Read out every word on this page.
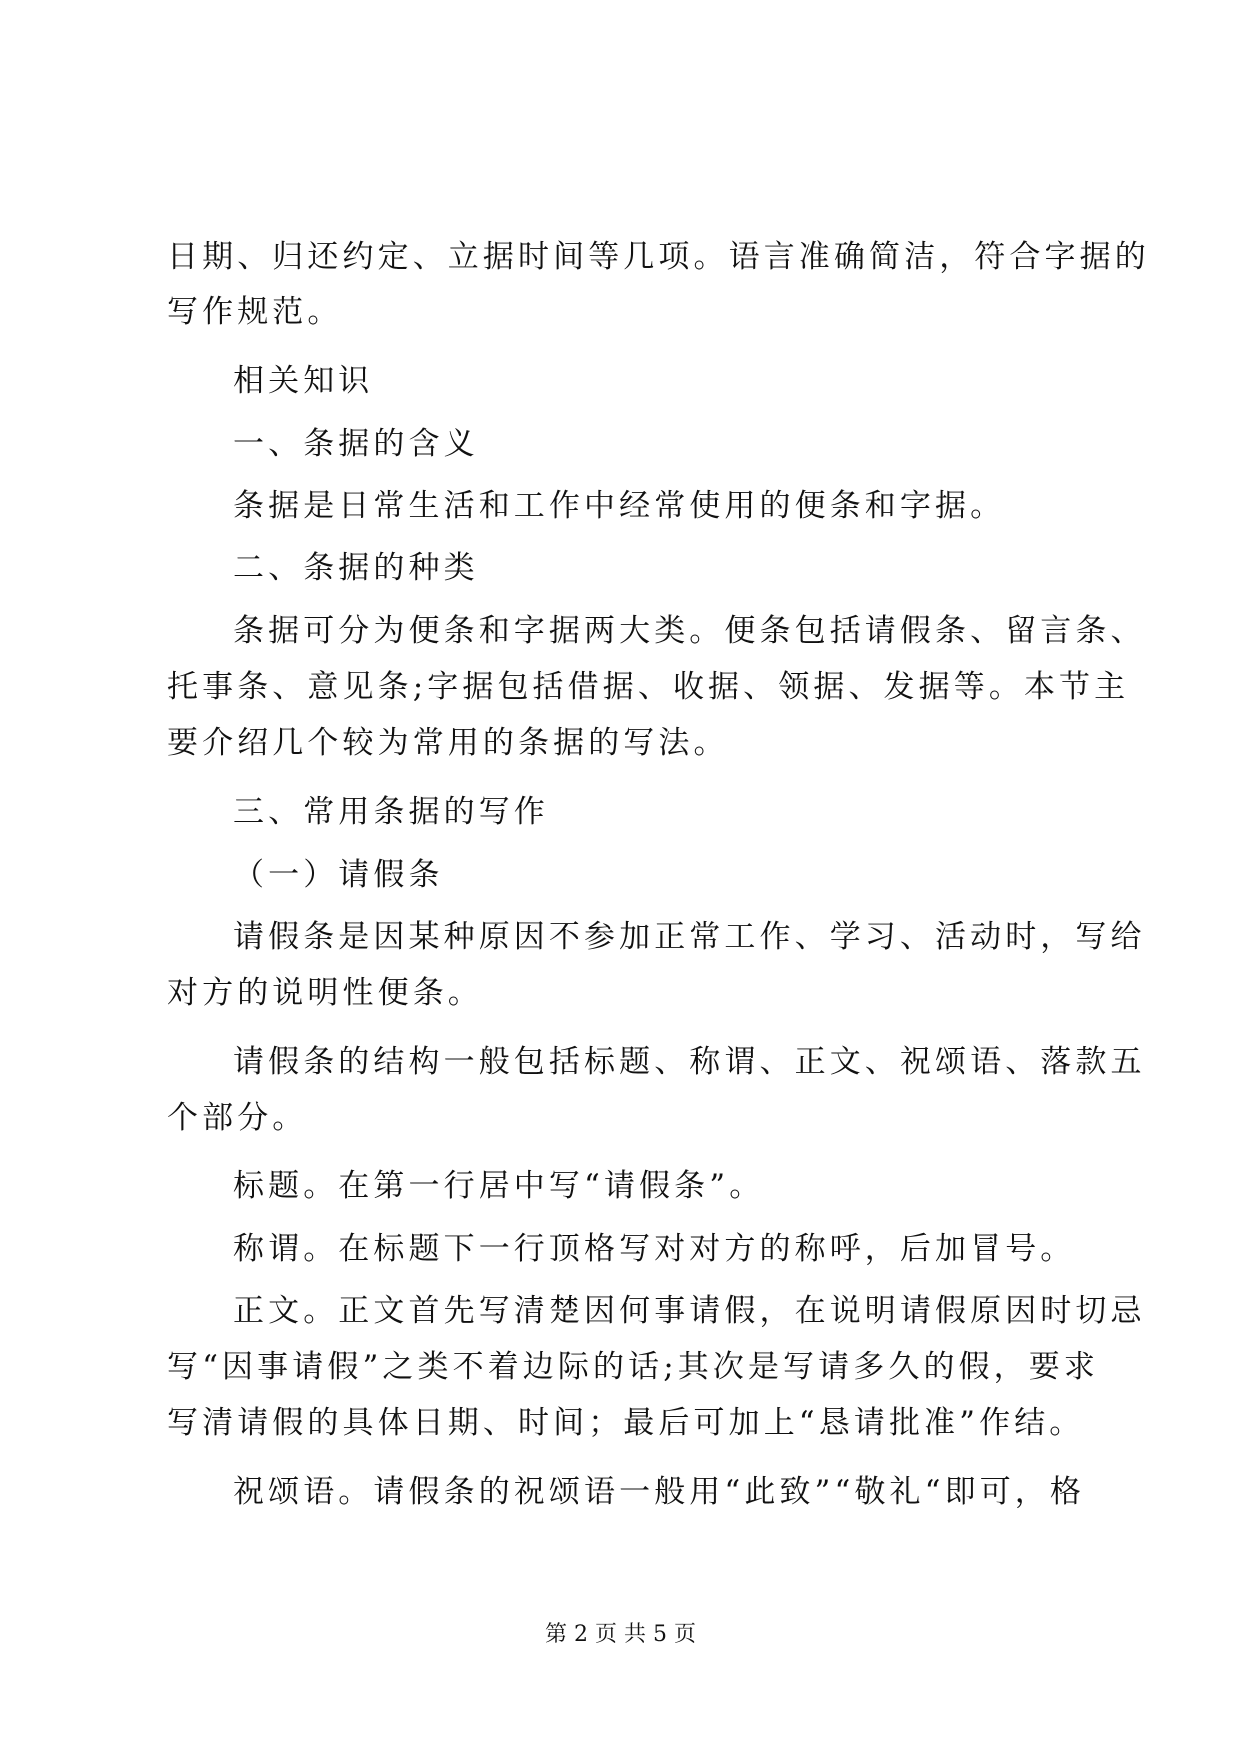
日期、归还约定、立据时间等几项。语言准确简洁，符合字据的
写作规范。
相关知识
一、条据的含义
条据是日常生活和工作中经常使用的便条和字据。
二、条据的种类
条据可分为便条和字据两大类。便条包括请假条、留言条、
托事条、意见条;字据包括借据、收据、领据、发据等。本节主
要介绍几个较为常用的条据的写法。
三、常用条据的写作
（一）请假条
请假条是因某种原因不参加正常工作、学习、活动时，写给
对方的说明性便条。
请假条的结构一般包括标题、称谓、正文、祝颂语、落款五
个部分。
标题。在第一行居中写“请假条”。
称谓。在标题下一行顶格写对对方的称呼，后加冒号。
正文。正文首先写清楚因何事请假，在说明请假原因时切忌
写“因事请假”之类不着边际的话;其次是写请多久的假，要求
写清请假的具体日期、时间；最后可加上“恳请批准”作结。
祝颂语。请假条的祝颂语一般用“此致”“敬礼“即可，格
第 2 页 共 5 页
